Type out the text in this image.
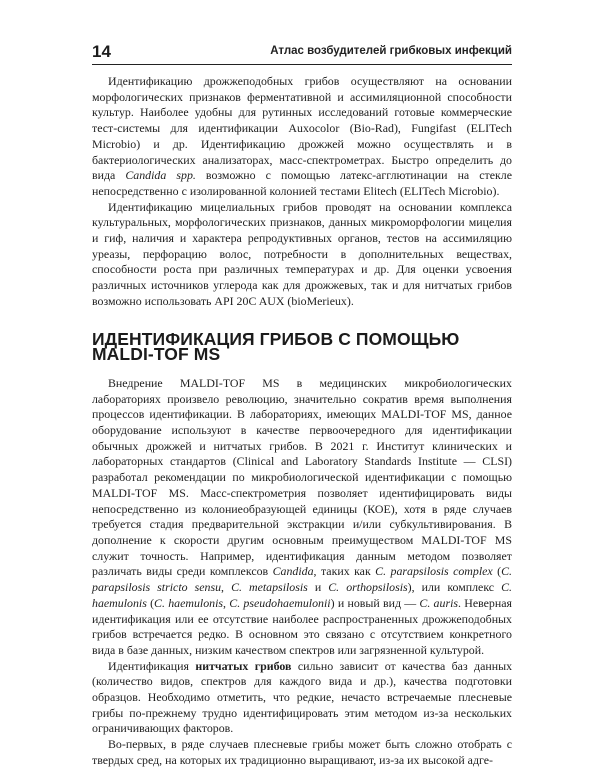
14	Атлас возбудителей грибковых инфекций

Идентификацию дрожжеподобных грибов осуществляют на основании морфологических признаков ферментативной и ассимиляционной способности культур. Наиболее удобны для рутинных исследований готовые коммерческие тест-системы для идентификации Auxocolor (Bio-Rad), Fungifast (ELITech Microbio) и др. Идентификацию дрожжей можно осуществлять и в бактериологических анализаторах, масс-спектрометрах. Быстро определить до вида Candida spp. возможно с помощью латекс-агглютинации на стекле непосредственно с изолированной колонией тестами Elitech (ELITech Microbio).

Идентификацию мицелиальных грибов проводят на основании комплекса культуральных, морфологических признаков, данных микроморфологии мицелия и гиф, наличия и характера репродуктивных органов, тестов на ассимиляцию уреазы, перфорацию волос, потребности в дополнительных веществах, способности роста при различных температурах и др. Для оценки усвоения различных источников углерода как для дрожжевых, так и для нитчатых грибов возможно использовать API 20C AUX (bioMerieux).

ИДЕНТИФИКАЦИЯ ГРИБОВ С ПОМОЩЬЮ MALDI-TOF MS

Внедрение MALDI-TOF MS в медицинских микробиологических лабораториях произвело революцию, значительно сократив время выполнения процессов идентификации. В лабораториях, имеющих MALDI-TOF MS, данное оборудование используют в качестве первоочередного для идентификации обычных дрожжей и нитчатых грибов. В 2021 г. Институт клинических и лабораторных стандартов (Clinical and Laboratory Standards Institute — CLSI) разработал рекомендации по микробиологической идентификации с помощью MALDI-TOF MS. Масс-спектрометрия позволяет идентифицировать виды непосредственно из колониеобразующей единицы (КОЕ), хотя в ряде случаев требуется стадия предварительной экстракции и/или субкультивирования. В дополнение к скорости другим основным преимуществом MALDI-TOF MS служит точность. Например, идентификация данным методом позволяет различать виды среди комплексов Candida, таких как C. parapsilosis complex (C. parapsilosis stricto sensu, C. metapsilosis и C. orthopsilosis), или комплекс C. haemulonis (C. haemulonis, C. pseudohaemulonii) и новый вид — C. auris. Неверная идентификация или ее отсутствие наиболее распространенных дрожжеподобных грибов встречается редко. В основном это связано с отсутствием конкретного вида в базе данных, низким качеством спектров или загрязненной культурой.

Идентификация нитчатых грибов сильно зависит от качества баз данных (количество видов, спектров для каждого вида и др.), качества подготовки образцов. Необходимо отметить, что редкие, нечасто встречаемые плесневые грибы по-прежнему трудно идентифицировать этим методом из-за нескольких ограничивающих факторов.

Во-первых, в ряде случаев плесневые грибы может быть сложно отобрать с твердых сред, на которых их традиционно выращивают, из-за их высокой адге-
